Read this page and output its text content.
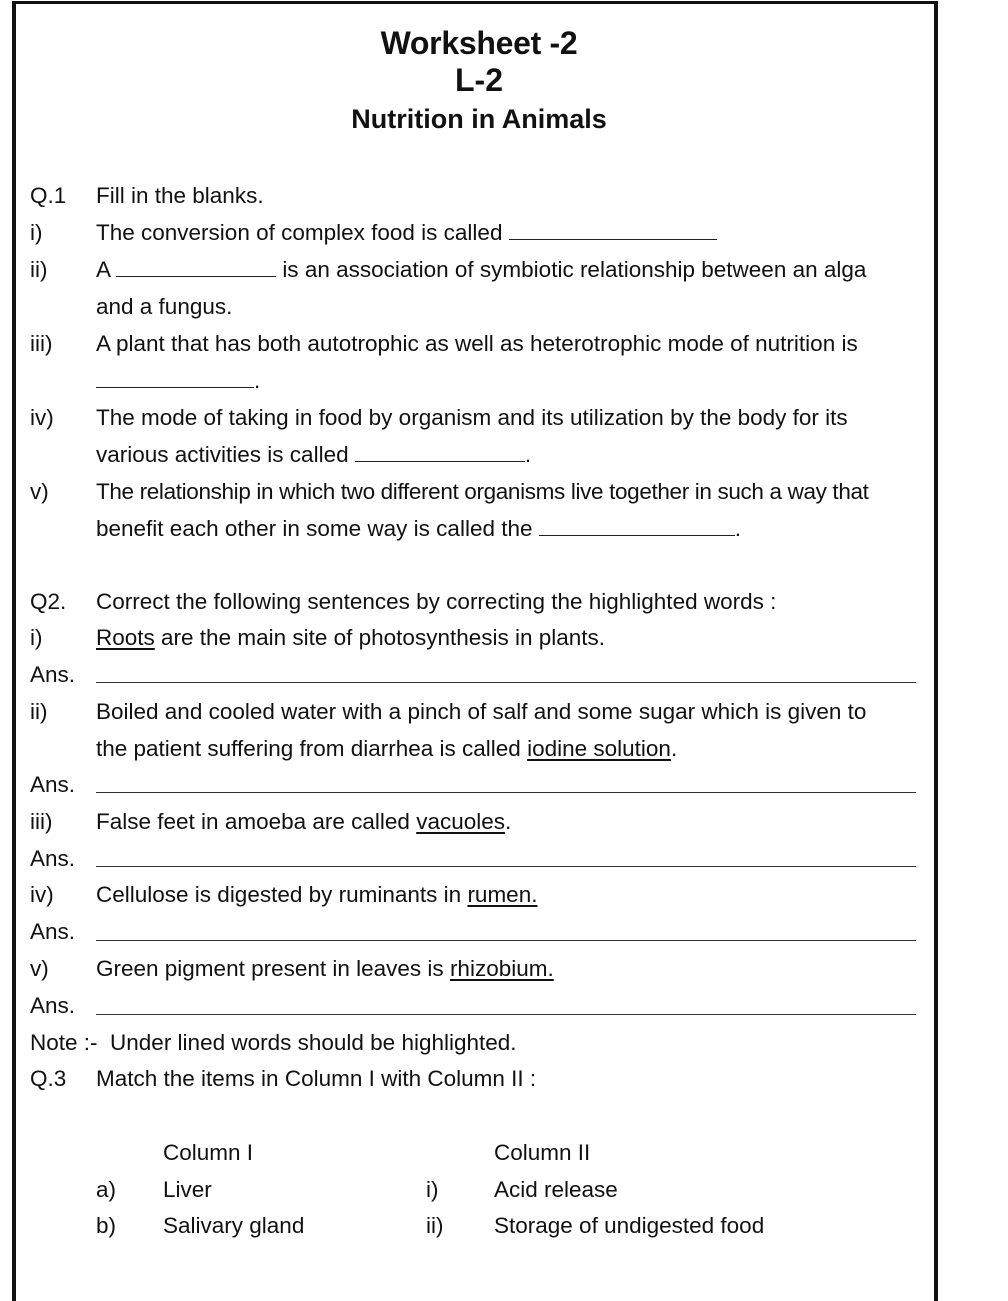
Worksheet -2
L-2
Nutrition in Animals
Q.1 Fill in the blanks.
i) The conversion of complex food is called
ii) A	is an association of symbiotic relationship between an alga
and a fungus.
iii) A plant that has both autotrophic as well as heterotrophic mode of nutrition is
.
iv) The mode of taking in food by organism and its utilization by the body for its
various activities is called	.
v) The relationship in which two different organisms live together in such a way that
benefit each other in some way is called the	.
Q2. Correct the following sentences by correcting the highlighted words :
i) Roots are the main site of photosynthesis in plants.
Ans.
ii) Boiled and cooled water with a pinch of salf and some sugar which is given to
the patient suffering from diarrhea is called iodine solution.
Ans.
iii) False feet in amoeba are called vacuoles.
Ans.
iv) Cellulose is digested by ruminants in rumen.
Ans.
v) Green pigment present in leaves is rhizobium.
Ans.
Note :-  Under lined words should be highlighted.
Q.3 Match the items in Column I with Column II :
Column I	Column II
a) Liver	i) Acid release
b) Salivary gland	ii) Storage of undigested food
